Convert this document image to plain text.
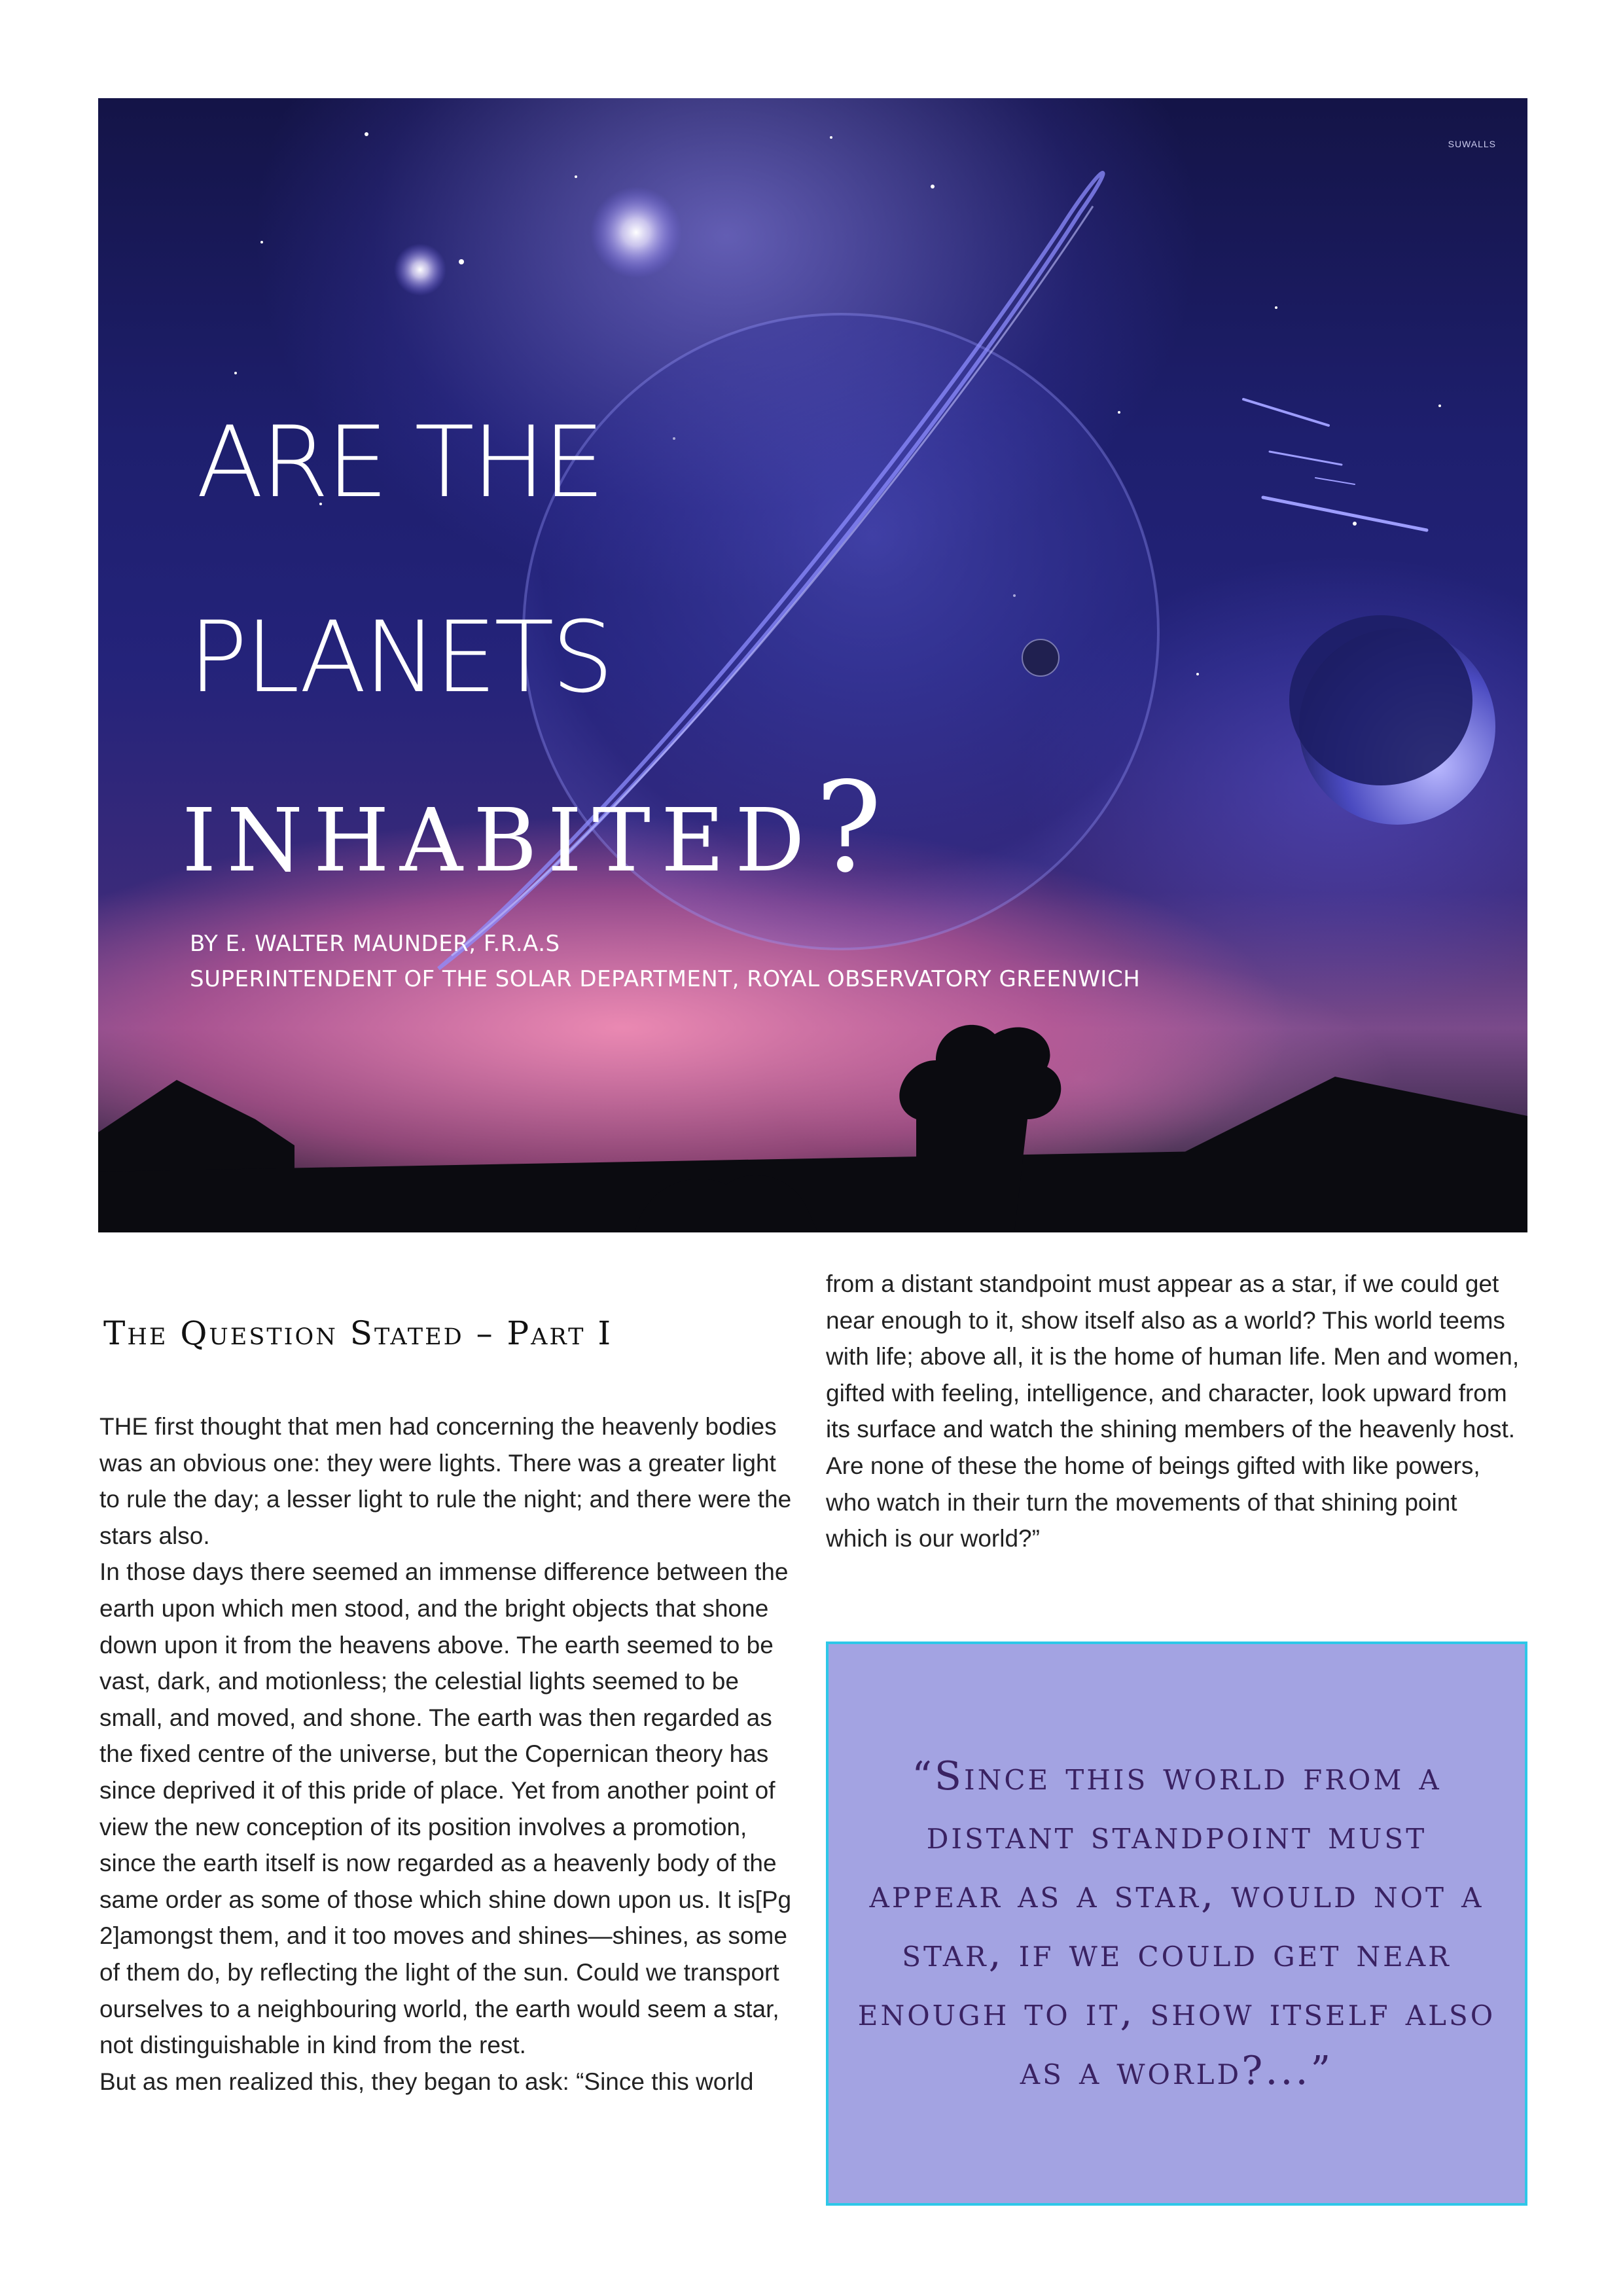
SUWALLS
ARE THE
PLANETS
inhabited?
BY E. WALTER MAUNDER, F.R.A.S
SUPERINTENDENT OF THE SOLAR DEPARTMENT, ROYAL OBSERVATORY GREENWICH
The Question Stated – Part I

THE first thought that men had concerning the heavenly bodies was an obvious one: they were lights. There was a greater light to rule the day; a lesser light to rule the night; and there were the stars also.

In those days there seemed an immense difference between the earth upon which men stood, and the bright objects that shone down upon it from the heavens above. The earth seemed to be vast, dark, and motionless; the celestial lights seemed to be small, and moved, and shone. The earth was then regarded as the fixed centre of the universe, but the Copernican theory has since deprived it of this pride of place. Yet from another point of view the new conception of its position involves a promotion, since the earth itself is now regarded as a heavenly body of the same order as some of those which shine down upon us. It is[Pg 2]amongst them, and it too moves and shines—shines, as some of them do, by reflecting the light of the sun. Could we transport ourselves to a neighbouring world, the earth would seem a star, not distinguishable in kind from the rest.

But as men realized this, they began to ask: “Since this world

from a distant standpoint must appear as a star, if we could get near enough to it, show itself also as a world? This world teems with life; above all, it is the home of human life. Men and women, gifted with feeling, intelligence, and character, look upward from its surface and watch the shining members of the heavenly host. Are none of these the home of beings gifted with like powers, who watch in their turn the movements of that shining point which is our world?”

“Since this world from a distant standpoint must appear as a star, would not a star, if we could get near enough to it, show itself also as a world?...”
